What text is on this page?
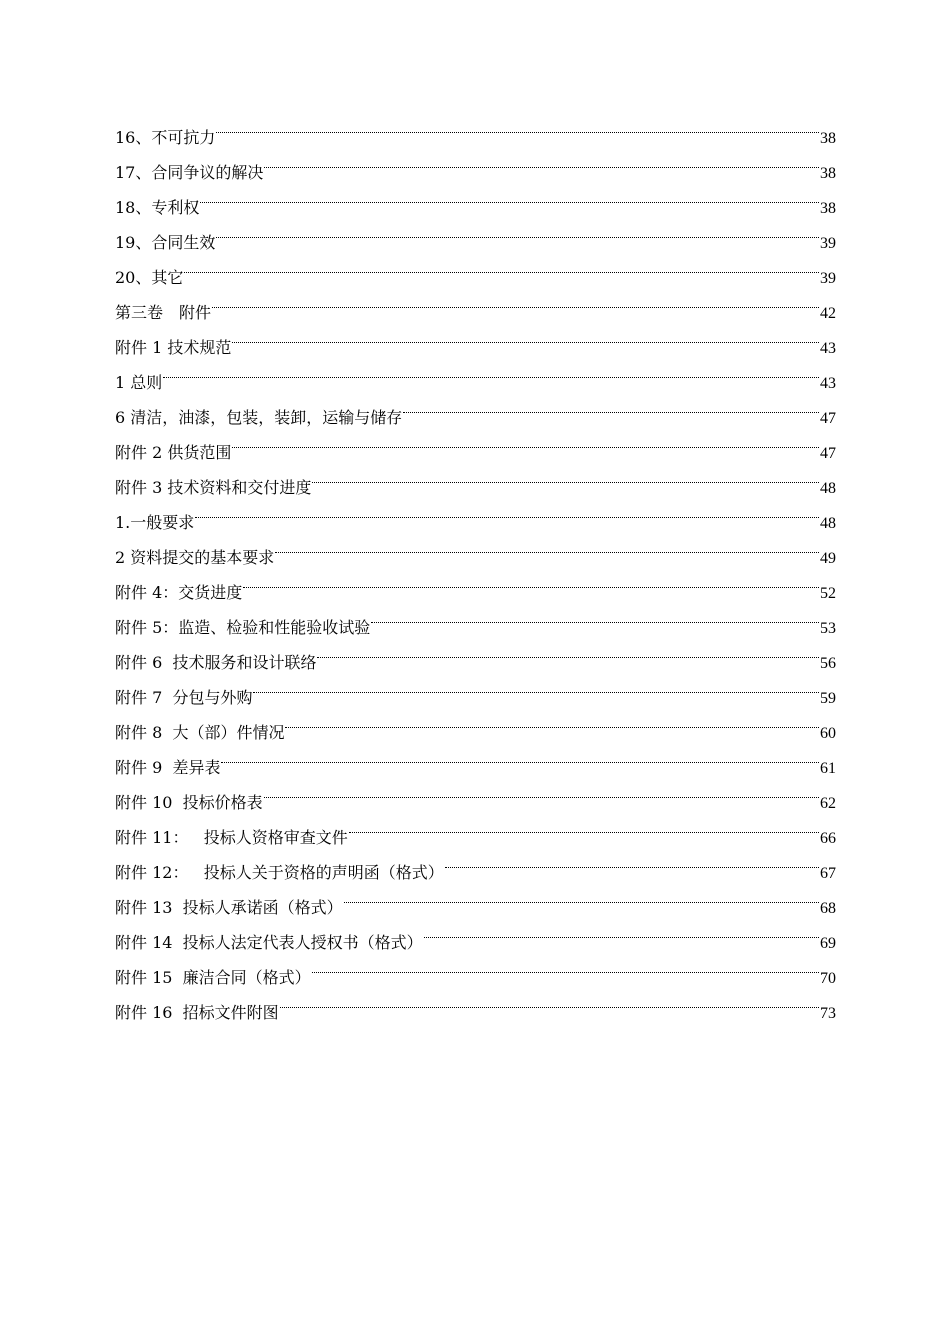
16、不可抗力	38
17、合同争议的解决	38
18、专利权	38
19、合同生效	39
20、其它	39
第三卷　附件	42
附件 1 技术规范	43
1 总则	43
6 清洁，油漆，包装，装卸，运输与储存	47
附件 2 供货范围	47
附件 3 技术资料和交付进度	48
1.一般要求	48
2 资料提交的基本要求	49
附件 4：交货进度	52
附件 5：监造、检验和性能验收试验	53
附件 6  技术服务和设计联络	56
附件 7  分包与外购	59
附件 8  大（部）件情况	60
附件 9  差异表	61
附件 10  投标价格表	62
附件 11：   投标人资格审查文件	66
附件 12：   投标人关于资格的声明函（格式）	67
附件 13  投标人承诺函（格式）	68
附件 14  投标人法定代表人授权书（格式）	69
附件 15  廉洁合同（格式）	70
附件 16  招标文件附图	73
